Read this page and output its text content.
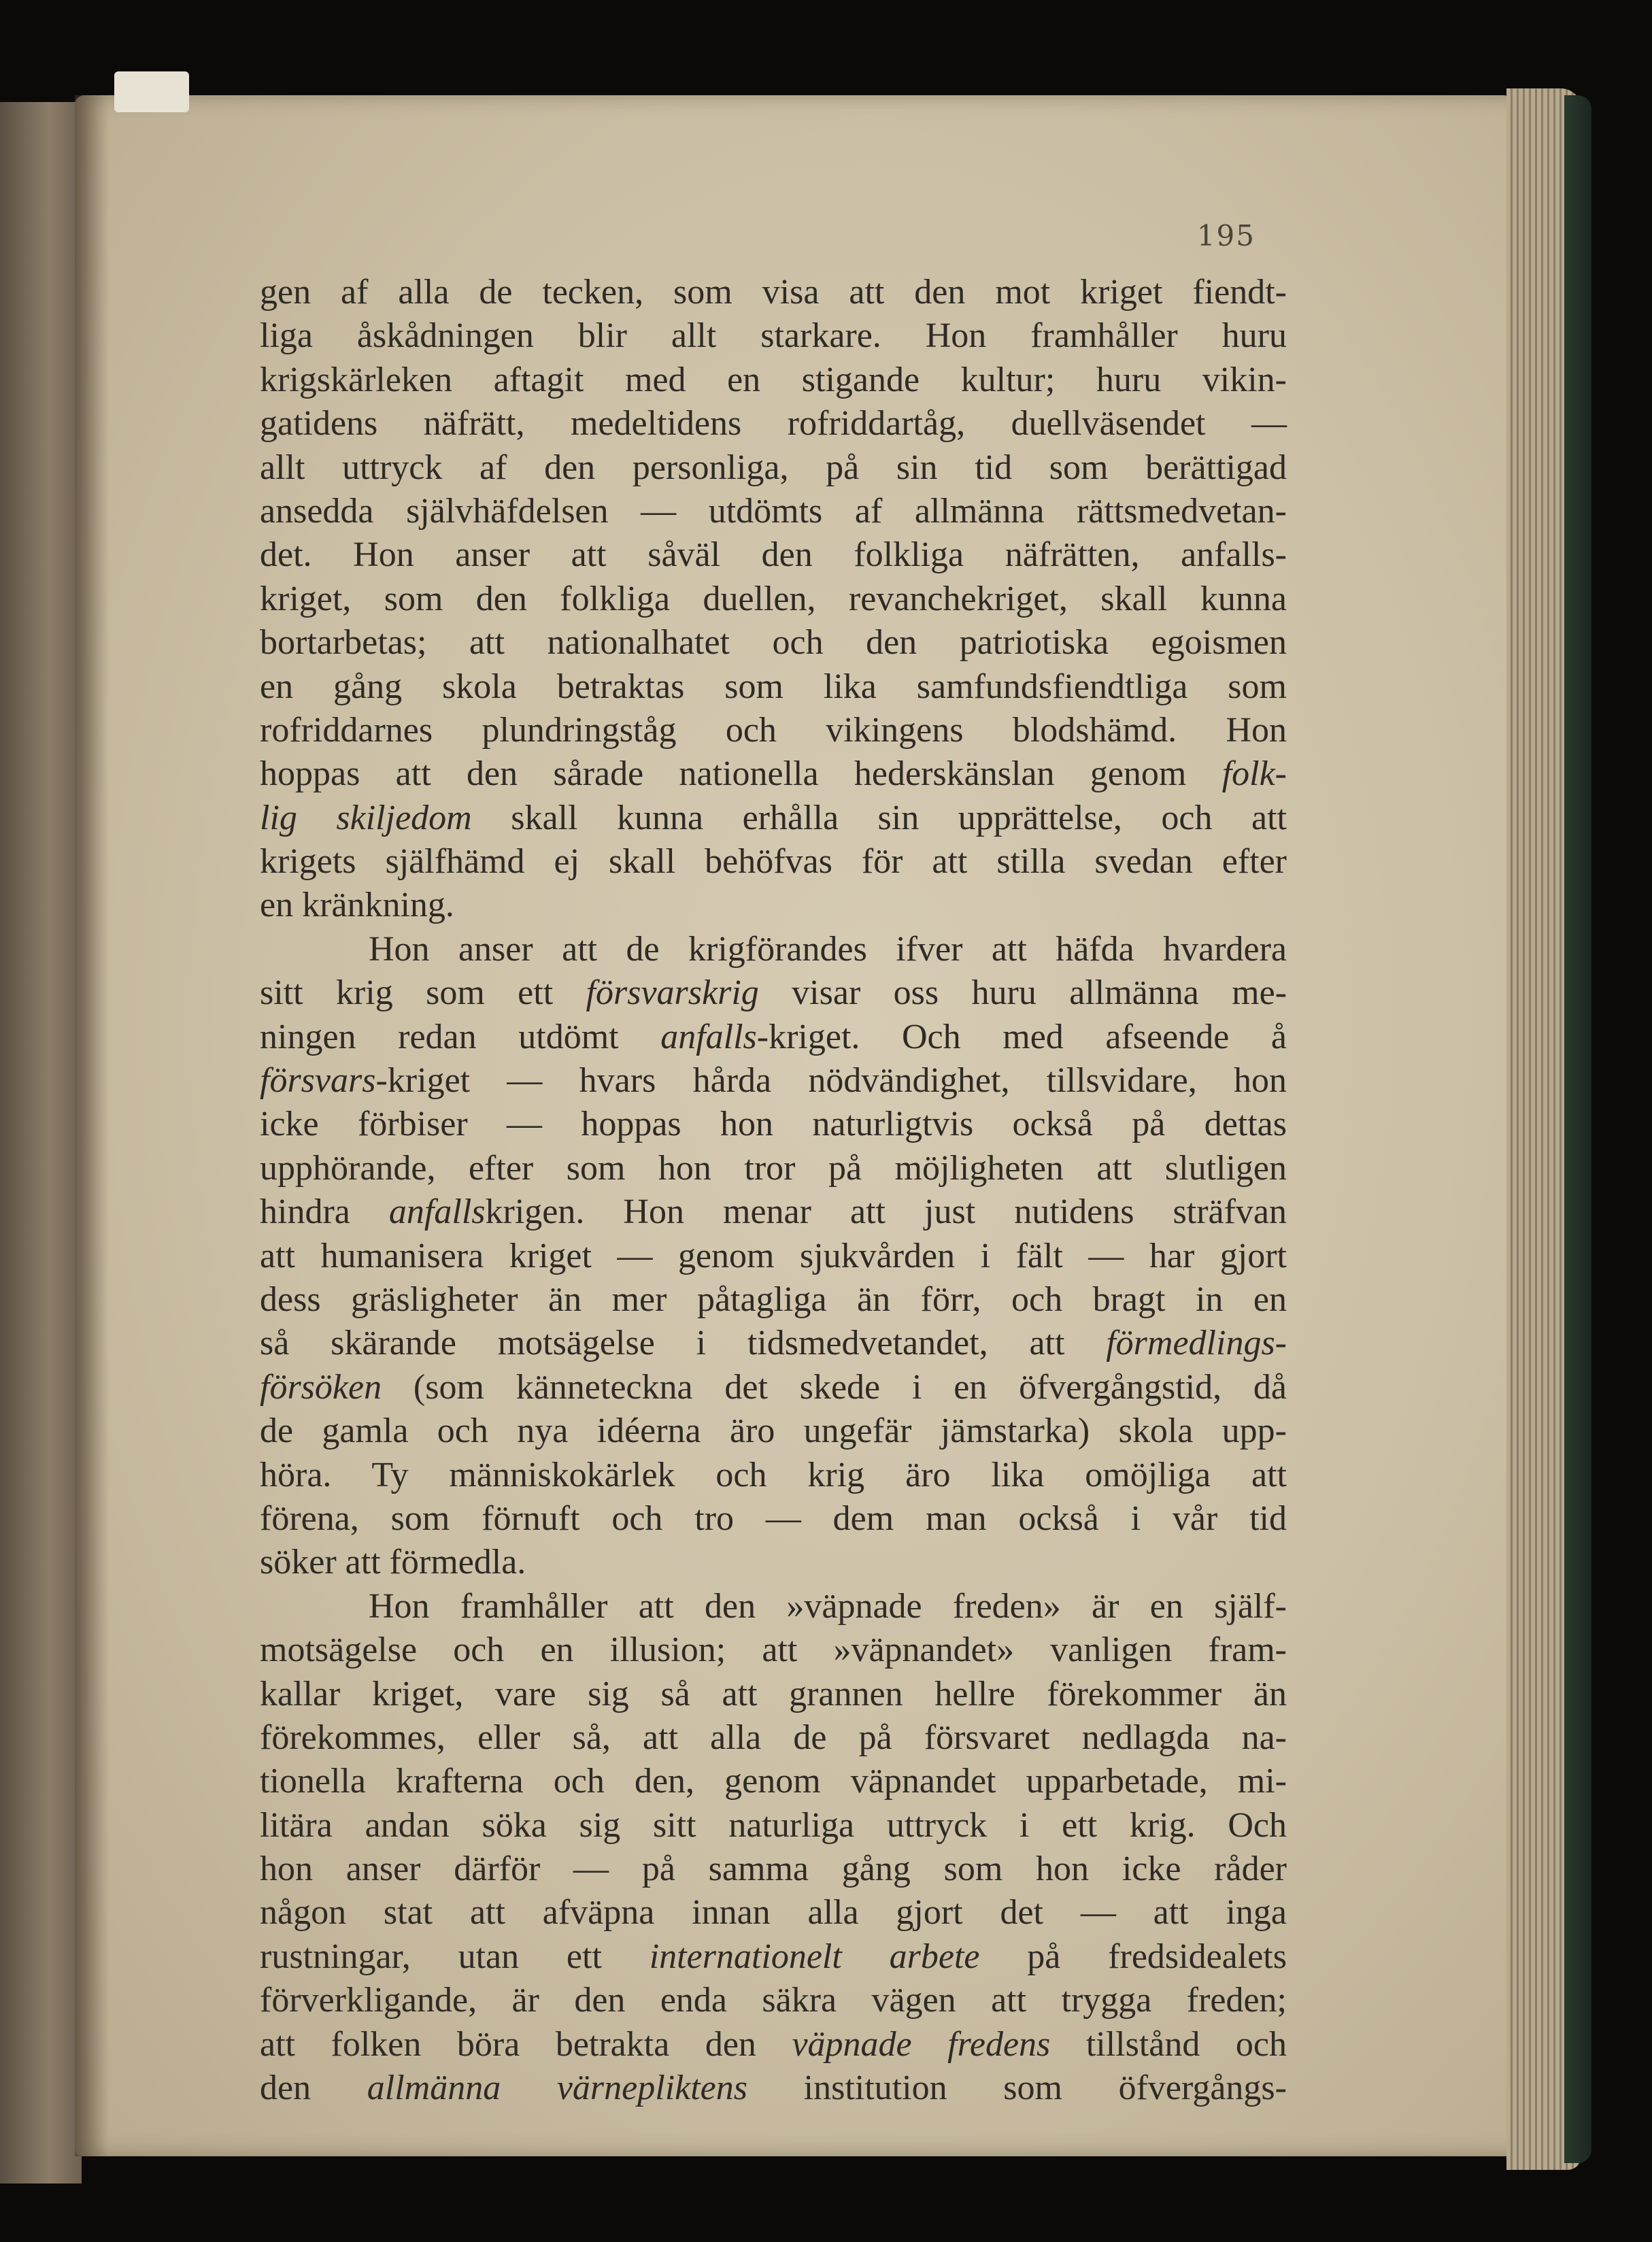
195
gen af alla de tecken, som visa att den mot kriget fiendt-
liga åskådningen blir allt starkare. Hon framhåller huru
krigskärleken aftagit med en stigande kultur; huru vikin-
gatidens näfrätt, medeltidens rofriddartåg, duellväsendet —
allt uttryck af den personliga, på sin tid som berättigad
ansedda självhäfdelsen — utdömts af allmänna rättsmedvetan-
det. Hon anser att såväl den folkliga näfrätten, anfalls-
kriget, som den folkliga duellen, revanchekriget, skall kunna
bortarbetas; att nationalhatet och den patriotiska egoismen
en gång skola betraktas som lika samfundsfiendtliga som
rofriddarnes plundringståg och vikingens blodshämd. Hon
hoppas att den sårade nationella hederskänslan genom folk-
lig skiljedom skall kunna erhålla sin upprättelse, och att
krigets själfhämd ej skall behöfvas för att stilla svedan efter
en kränkning.
Hon anser att de krigförandes ifver att häfda hvardera
sitt krig som ett försvarskrig visar oss huru allmänna me-
ningen redan utdömt anfalls-kriget. Och med afseende å
försvars-kriget — hvars hårda nödvändighet, tillsvidare, hon
icke förbiser — hoppas hon naturligtvis också på dettas
upphörande, efter som hon tror på möjligheten att slutligen
hindra anfallskrigen. Hon menar att just nutidens sträfvan
att humanisera kriget — genom sjukvården i fält — har gjort
dess gräsligheter än mer påtagliga än förr, och bragt in en
så skärande motsägelse i tidsmedvetandet, att förmedlings-
försöken (som känneteckna det skede i en öfvergångstid, då
de gamla och nya idéerna äro ungefär jämstarka) skola upp-
höra. Ty människokärlek och krig äro lika omöjliga att
förena, som förnuft och tro — dem man också i vår tid
söker att förmedla.
Hon framhåller att den »väpnade freden» är en själf-
motsägelse och en illusion; att »väpnandet» vanligen fram-
kallar kriget, vare sig så att grannen hellre förekommer än
förekommes, eller så, att alla de på försvaret nedlagda na-
tionella krafterna och den, genom väpnandet upparbetade, mi-
litära andan söka sig sitt naturliga uttryck i ett krig. Och
hon anser därför — på samma gång som hon icke råder
någon stat att afväpna innan alla gjort det — att inga
rustningar, utan ett internationelt arbete på fredsidealets
förverkligande, är den enda säkra vägen att trygga freden;
att folken böra betrakta den väpnade fredens tillstånd och
den allmänna värnepliktens institution som öfvergångs-
